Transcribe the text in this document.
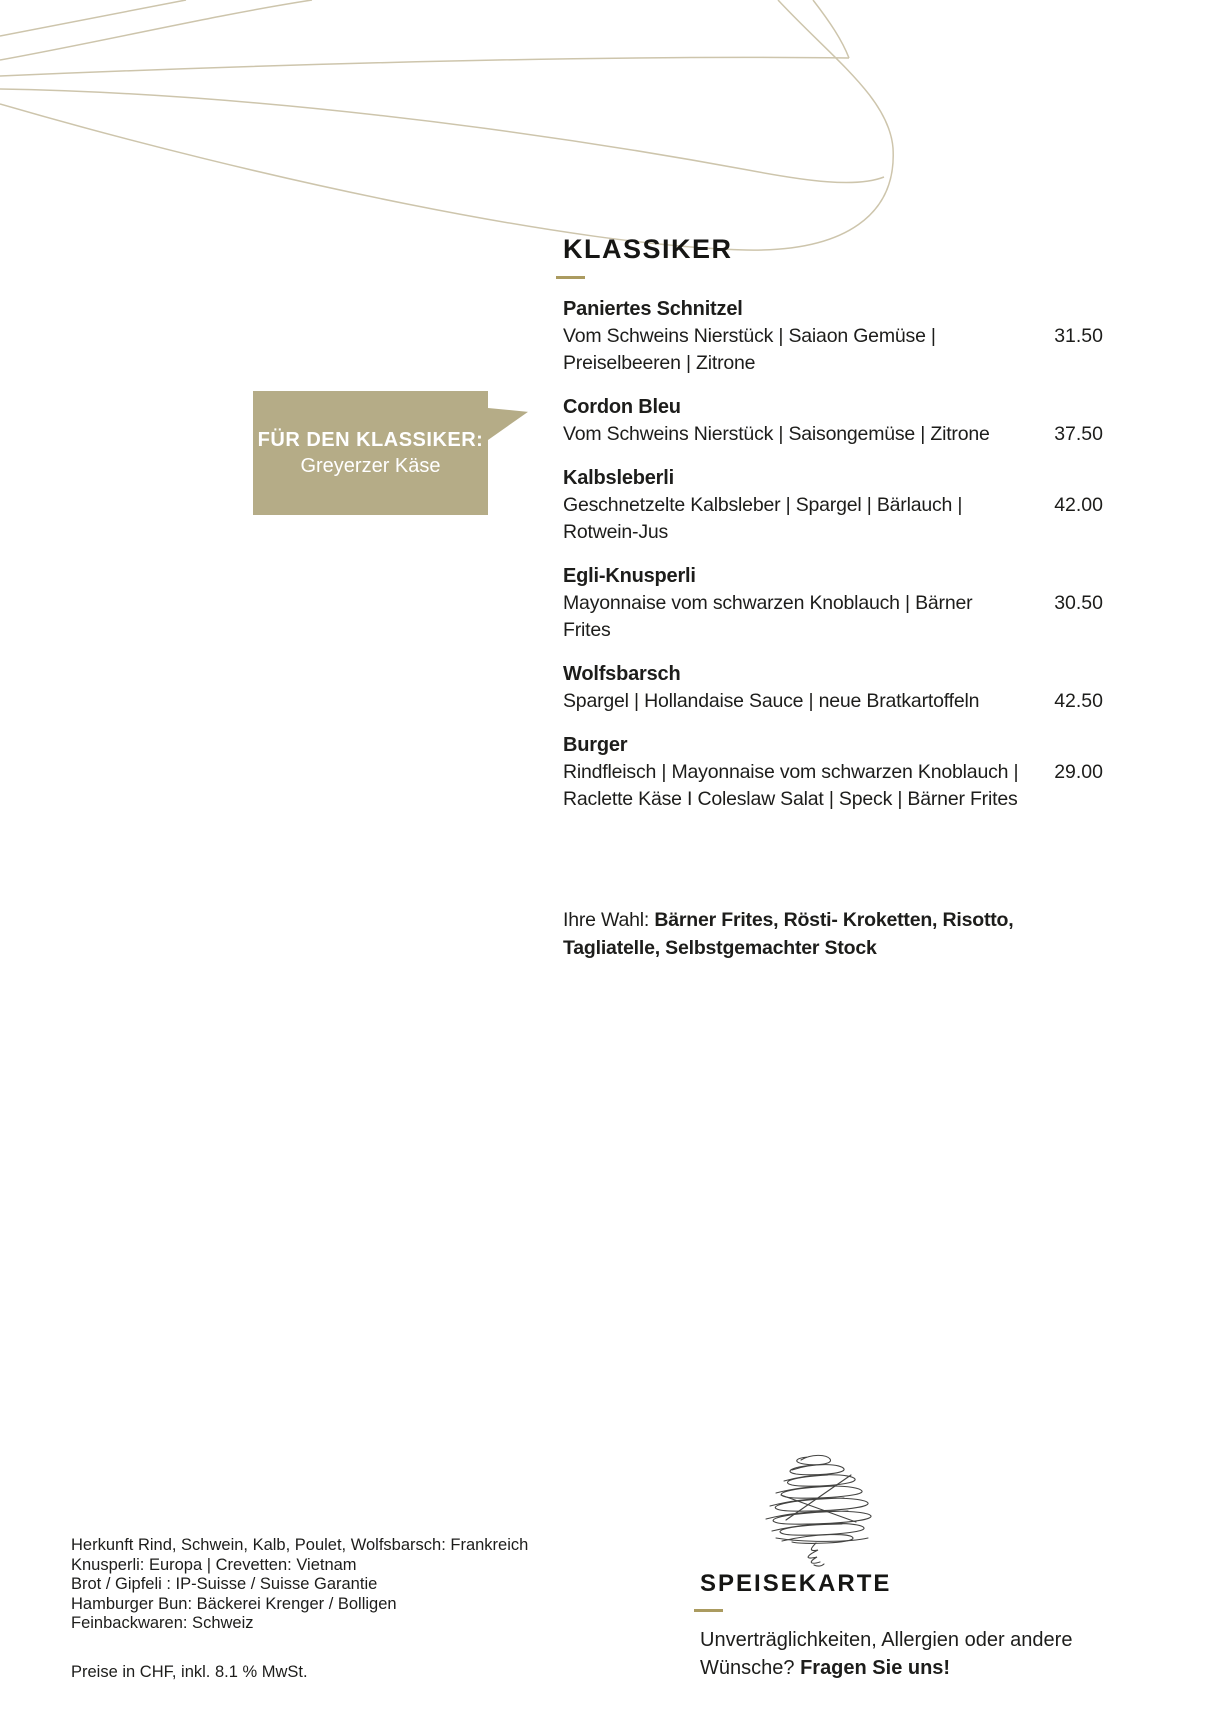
KLASSIKER
Paniertes Schnitzel
Vom Schweins Nierstück | Saiaon Gemüse |
Preiselbeeren | Zitrone
31.50
Cordon Bleu
Vom Schweins Nierstück | Saisongemüse | Zitrone	37.50
Kalbsleberli
Geschnetzelte Kalbsleber | Spargel | Bärlauch |
Rotwein-Jus
42.00
Egli-Knusperli
Mayonnaise vom schwarzen Knoblauch | Bärner
Frites
30.50
Wolfsbarsch
Spargel | Hollandaise Sauce | neue Bratkartoffeln	42.50
Burger
Rindfleisch | Mayonnaise vom schwarzen Knoblauch |
Raclette Käse I Coleslaw Salat | Speck | Bärner Frites
29.00
FÜR DEN KLASSIKER:
Greyerzer Käse
Ihre Wahl: Bärner Frites, Rösti- Kroketten, Risotto, Tagliatelle, Selbstgemachter Stock
Herkunft Rind, Schwein, Kalb, Poulet, Wolfsbarsch: Frankreich
Knusperli: Europa | Crevetten: Vietnam
Brot / Gipfeli : IP-Suisse / Suisse Garantie
Hamburger Bun: Bäckerei Krenger / Bolligen
Feinbackwaren: Schweiz
Preise in CHF, inkl. 8.1 % MwSt.
SPEISEKARTE
Unverträglichkeiten, Allergien oder andere Wünsche? Fragen Sie uns!
